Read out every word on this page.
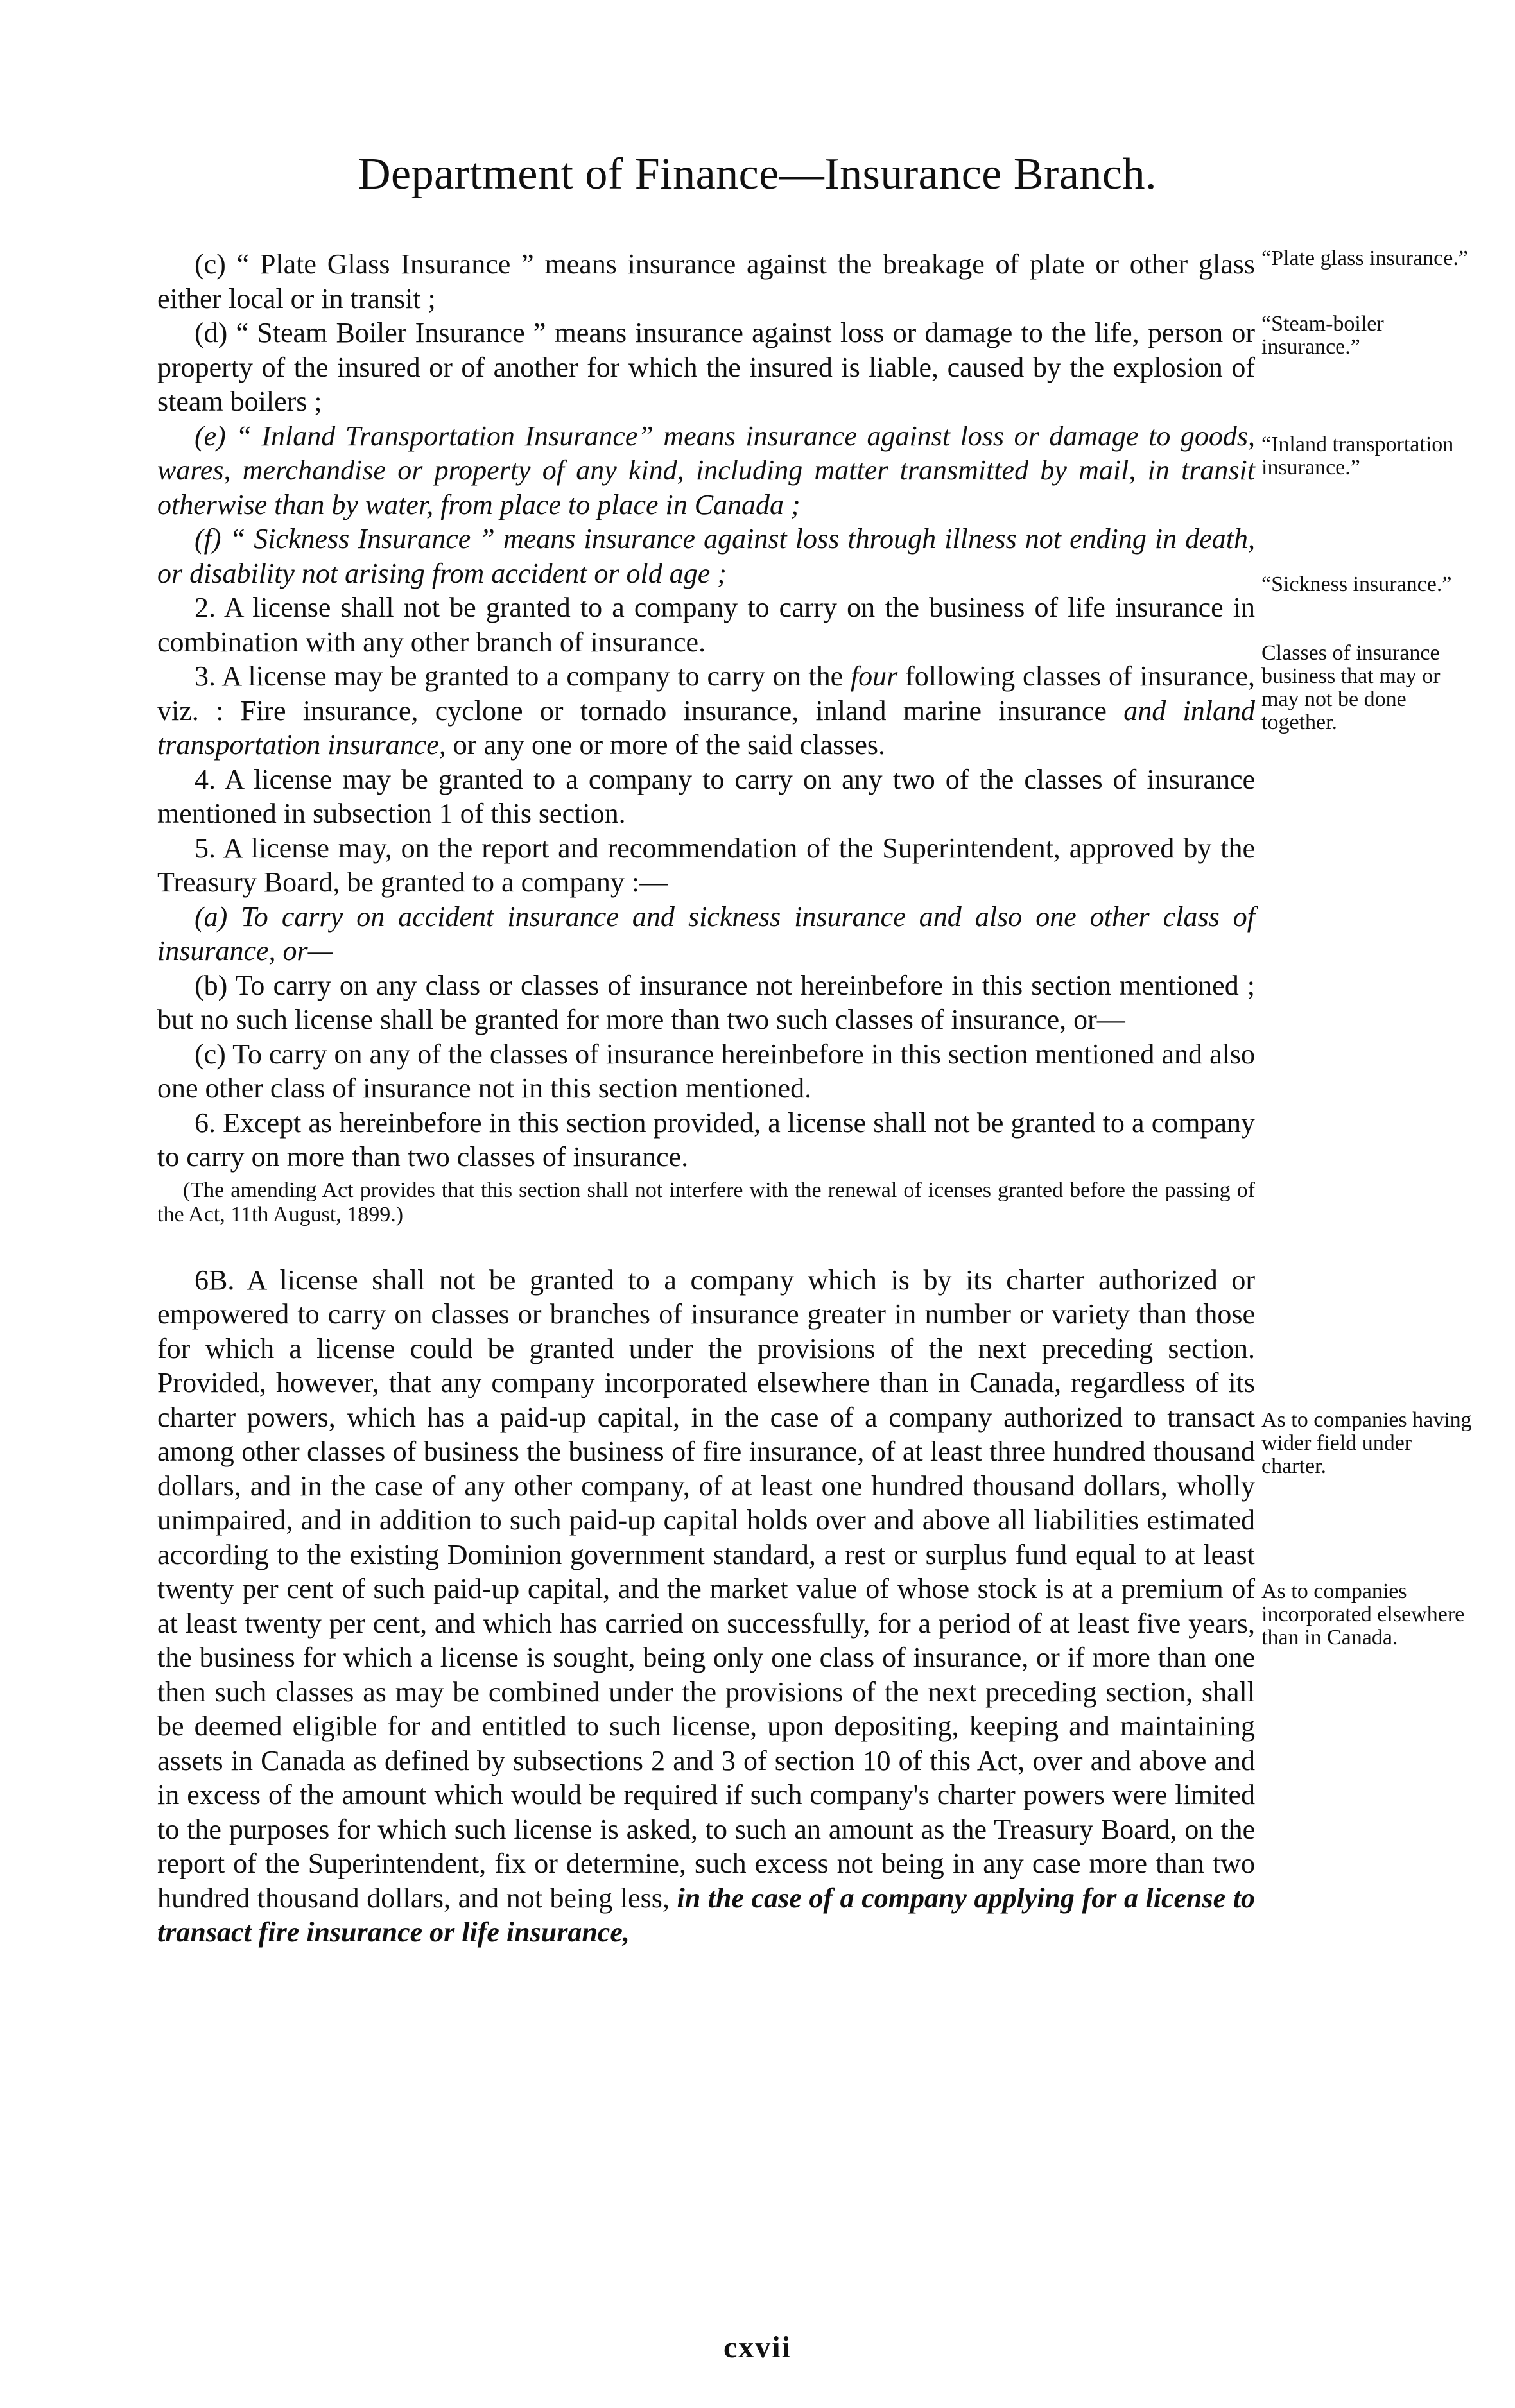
Department of Finance—Insurance Branch.

(c) “ Plate Glass Insurance ” means insurance against the breakage of plate or other glass either local or in transit ;

(d) “ Steam Boiler Insurance ” means insurance against loss or damage to the life, person or property of the insured or of another for which the insured is liable, caused by the explosion of steam boilers ;

(e) “ Inland Transportation Insurance” means insurance against loss or damage to goods, wares, merchandise or property of any kind, including matter transmitted by mail, in transit otherwise than by water, from place to place in Canada ;

(f) “ Sickness Insurance ” means insurance against loss through illness not ending in death, or disability not arising from accident or old age ;

2. A license shall not be granted to a company to carry on the business of life insurance in combination with any other branch of insurance.

3. A license may be granted to a company to carry on the four following classes of insurance, viz. : Fire insurance, cyclone or tornado insurance, inland marine insurance and inland transportation insurance, or any one or more of the said classes.

4. A license may be granted to a company to carry on any two of the classes of insurance mentioned in subsection 1 of this section.

5. A license may, on the report and recommendation of the Superintendent, approved by the Treasury Board, be granted to a company :—

(a) To carry on accident insurance and sickness insurance and also one other class of insurance, or—

(b) To carry on any class or classes of insurance not hereinbefore in this section mentioned ; but no such license shall be granted for more than two such classes of insurance, or—

(c) To carry on any of the classes of insurance hereinbefore in this section mentioned and also one other class of insurance not in this section mentioned.

6. Except as hereinbefore in this section provided, a license shall not be granted to a company to carry on more than two classes of insurance.

(The amending Act provides that this section shall not interfere with the renewal of icenses granted before the passing of the Act, 11th August, 1899.)

6B. A license shall not be granted to a company which is by its charter authorized or empowered to carry on classes or branches of insurance greater in number or variety than those for which a license could be granted under the provisions of the next preceding section. Provided, however, that any company incorporated elsewhere than in Canada, regardless of its charter powers, which has a paid-up capital, in the case of a company authorized to transact among other classes of business the business of fire insurance, of at least three hundred thousand dollars, and in the case of any other company, of at least one hundred thousand dollars, wholly unimpaired, and in addition to such paid-up capital holds over and above all liabilities estimated according to the existing Dominion government standard, a rest or surplus fund equal to at least twenty per cent of such paid-up capital, and the market value of whose stock is at a premium of at least twenty per cent, and which has carried on successfully, for a period of at least five years, the business for which a license is sought, being only one class of insurance, or if more than one then such classes as may be combined under the provisions of the next preceding section, shall be deemed eligible for and entitled to such license, upon depositing, keeping and maintaining assets in Canada as defined by subsections 2 and 3 of section 10 of this Act, over and above and in excess of the amount which would be required if such company's charter powers were limited to the purposes for which such license is asked, to such an amount as the Treasury Board, on the report of the Superintendent, fix or determine, such excess not being in any case more than two hundred thousand dollars, and not being less, in the case of a company applying for a license to transact fire insurance or life insurance,

“Plate glass insurance.”
“Steam-boiler insurance.”
“Inland transportation insurance.”
“Sickness insurance.”
Classes of insurance business that may or may not be done together.
As to companies having wider field under charter.
As to companies incorporated elsewhere than in Canada.
cxvii
